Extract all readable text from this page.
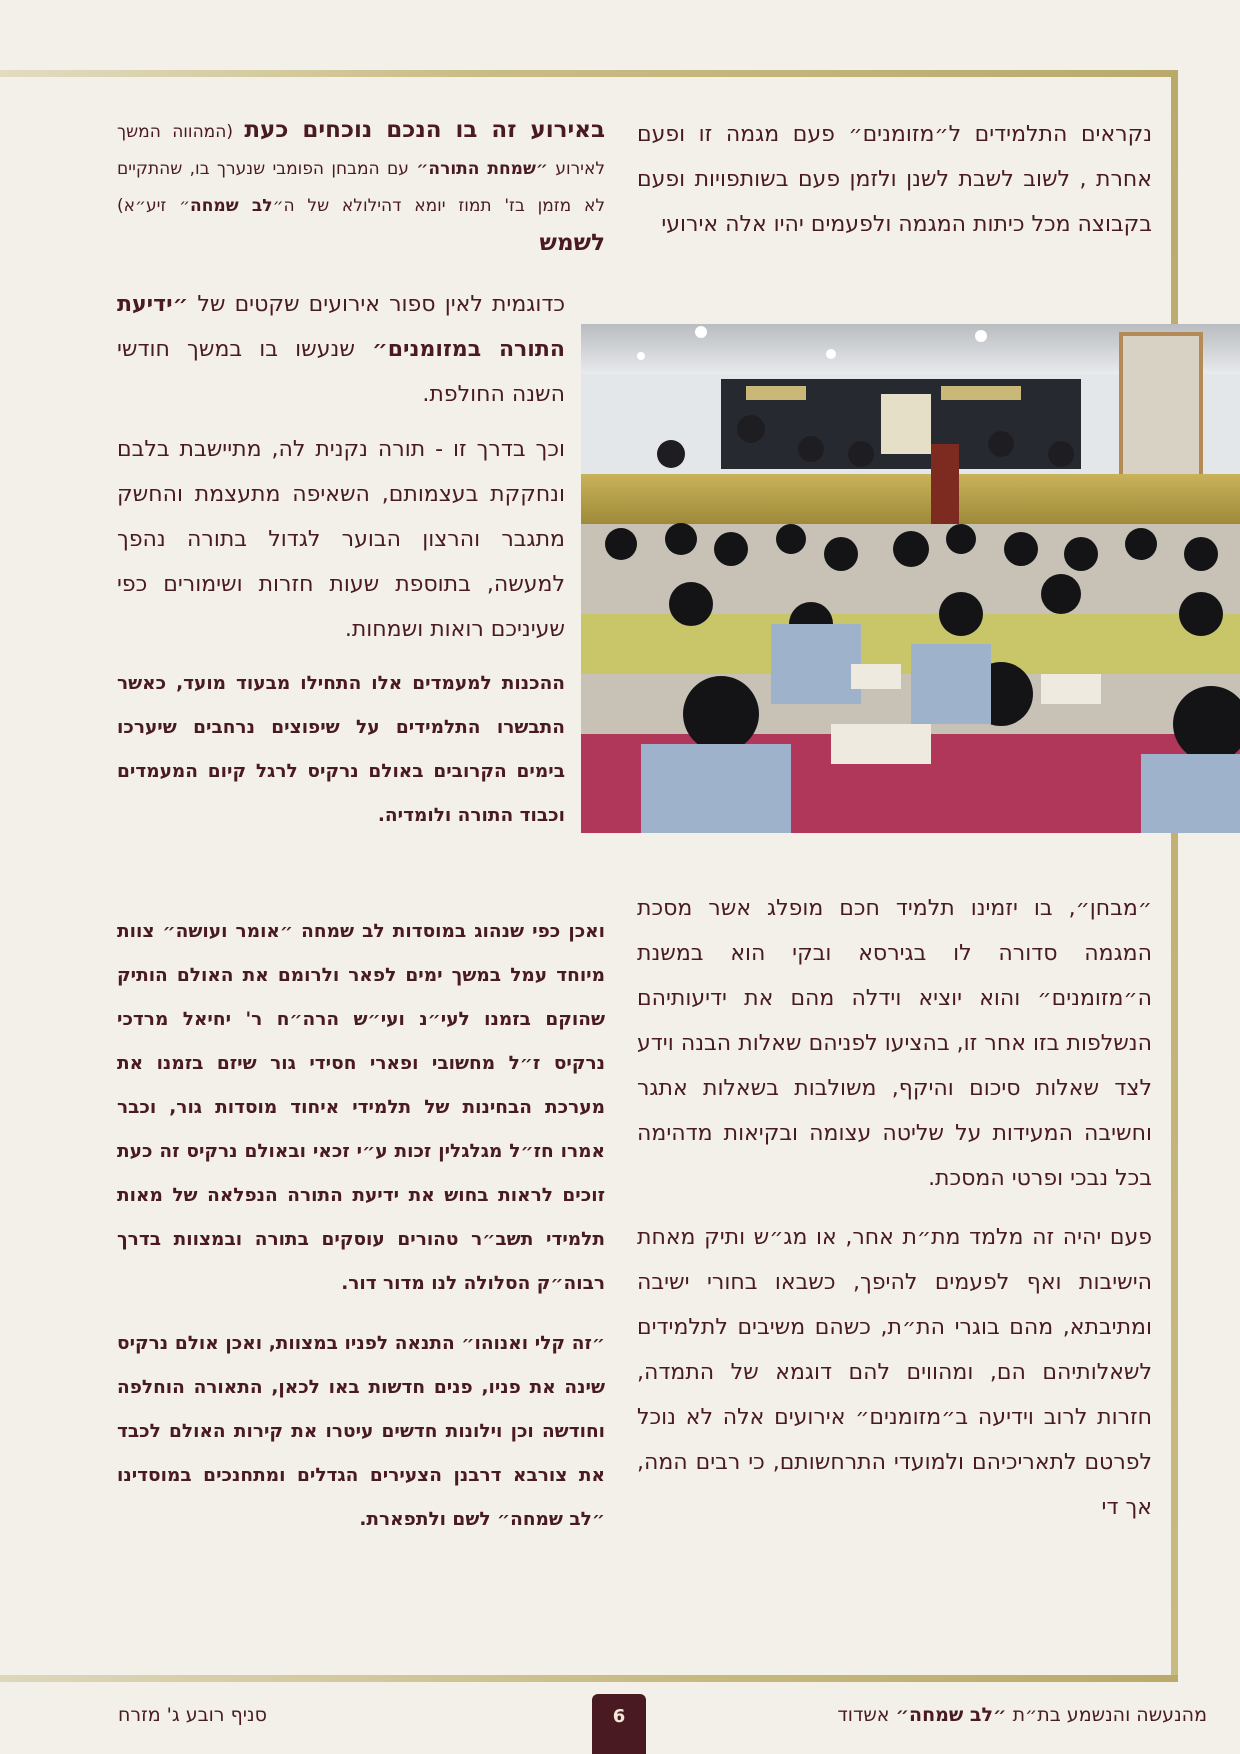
נקראים התלמידים ל״מזומנים״ פעם מגמה זו ופעם אחרת , לשוב לשבת לשנן ולזמן פעם בשותפויות ופעם בקבוצה מכל כיתות המגמה ולפעמים יהיו אלה אירועי

באירוע זה בו הנכם נוכחים כעת (המהווה המשך לאירוע ״שמחת התורה״ עם המבחן הפומבי שנערך בו, שהתקיים לא מזמן בז' תמוז יומא דהילולא של ה״לב שמחה״ זיע״א) לשמש

כדוגמית לאין ספור אירועים שקטים של ״ידיעת התורה במזומנים״ שנעשו בו במשך חודשי השנה החולפת.

וכך בדרך זו - תורה נקנית לה, מתיישבת בלבם ונחקקת בעצמותם, השאיפה מתעצמת והחשק מתגבר והרצון הבוער לגדול בתורה נהפך למעשה, בתוספת שעות חזרות ושימורים כפי שעיניכם רואות ושמחות.

ההכנות למעמדים אלו התחילו מבעוד מועד, כאשר התבשרו התלמידים על שיפוצים נרחבים שיערכו בימים הקרובים באולם נרקיס לרגל קיום המעמדים וכבוד התורה ולומדיה.

ואכן כפי שנהוג במוסדות לב שמחה ״אומר ועושה״ צוות מיוחד עמל במשך ימים לפאר ולרומם את האולם הותיק שהוקם בזמנו לעי״נ ועי״ש הרה״ח ר' יחיאל מרדכי נרקיס ז״ל מחשובי ופארי חסידי גור שיזם בזמנו את מערכת הבחינות של תלמידי איחוד מוסדות גור, וכבר אמרו חז״ל מגלגלין זכות ע״י זכאי ובאולם נרקיס זה כעת זוכים לראות בחוש את ידיעת התורה הנפלאה של מאות תלמידי תשב״ר טהורים עוסקים בתורה ובמצוות בדרך רבוה״ק הסלולה לנו מדור דור.

״זה קלי ואנוהו״ התנאה לפניו במצוות, ואכן אולם נרקיס שינה את פניו, פנים חדשות באו לכאן, התאורה הוחלפה וחודשה וכן וילונות חדשים עיטרו את קירות האולם לכבד את צורבא דרבנן הצעירים הגדלים ומתחנכים במוסדינו ״לב שמחה״ לשם ולתפארת.

״מבחן״, בו יזמינו תלמיד חכם מופלג אשר מסכת המגמה סדורה לו בגירסא ובקי הוא במשנת ה״מזומנים״ והוא יוציא וידלה מהם את ידיעותיהם הנשלפות בזו אחר זו, בהציעו לפניהם שאלות הבנה וידע לצד שאלות סיכום והיקף, משולבות בשאלות אתגר וחשיבה המעידות על שליטה עצומה ובקיאות מדהימה בכל נבכי ופרטי המסכת.

פעם יהיה זה מלמד מת״ת אחר, או מג״ש ותיק מאחת הישיבות ואף לפעמים להיפך, כשבאו בחורי ישיבה ומתיבתא, מהם בוגרי הת״ת, כשהם משיבים לתלמידים לשאלותיהם הם, ומהווים להם דוגמא של התמדה, חזרות לרוב וידיעה ב״מזומנים״ אירועים אלה לא נוכל לפרטם לתאריכיהם ולמועדי התרחשותם, כי רבים המה, אך די

מהנעשה והנשמע בת״ת ״לב שמחה״ אשדוד
6
סניף רובע ג' מזרח
